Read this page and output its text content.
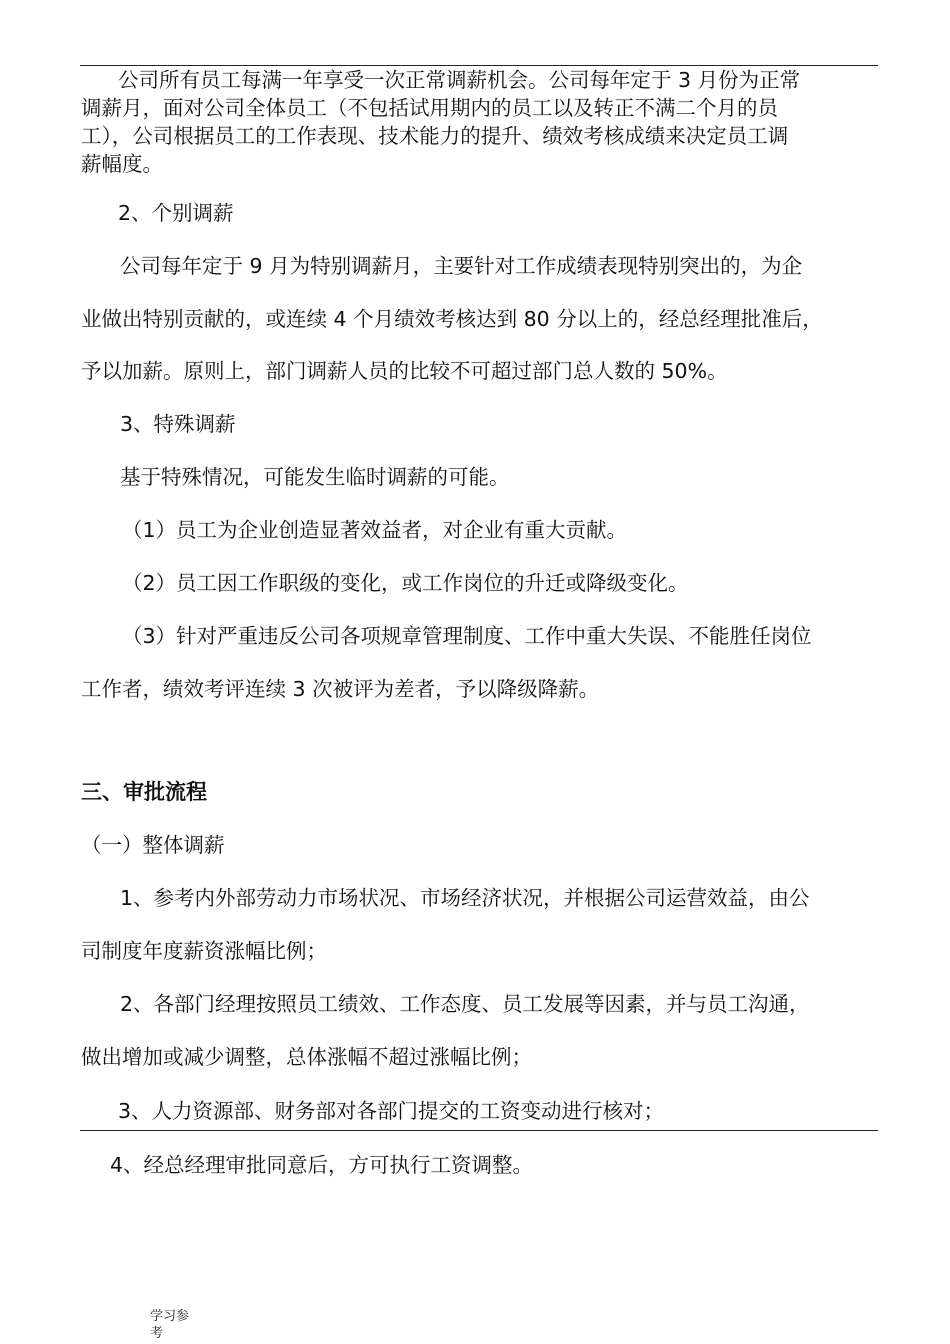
公司所有员工每满一年享受一次正常调薪机会。公司每年定于 3 月份为正常
调薪月，面对公司全体员工（不包括试用期内的员工以及转正不满二个月的员
工），公司根据员工的工作表现、技术能力的提升、绩效考核成绩来决定员工调
薪幅度。
2、个别调薪
公司每年定于 9 月为特别调薪月，主要针对工作成绩表现特别突出的，为企
业做出特别贡献的，或连续 4 个月绩效考核达到 80 分以上的，经总经理批准后，
予以加薪。原则上，部门调薪人员的比较不可超过部门总人数的 50%。
3、特殊调薪
基于特殊情况，可能发生临时调薪的可能。
（1）员工为企业创造显著效益者，对企业有重大贡献。
（2）员工因工作职级的变化，或工作岗位的升迁或降级变化。
（3）针对严重违反公司各项规章管理制度、工作中重大失误、不能胜任岗位
工作者，绩效考评连续 3 次被评为差者，予以降级降薪。
三、审批流程
（一）整体调薪
1、参考内外部劳动力市场状况、市场经济状况，并根据公司运营效益，由公
司制度年度薪资涨幅比例；
2、各部门经理按照员工绩效、工作态度、员工发展等因素，并与员工沟通，
做出增加或减少调整，总体涨幅不超过涨幅比例；
3、人力资源部、财务部对各部门提交的工资变动进行核对；
4、经总经理审批同意后，方可执行工资调整。
学习参考
